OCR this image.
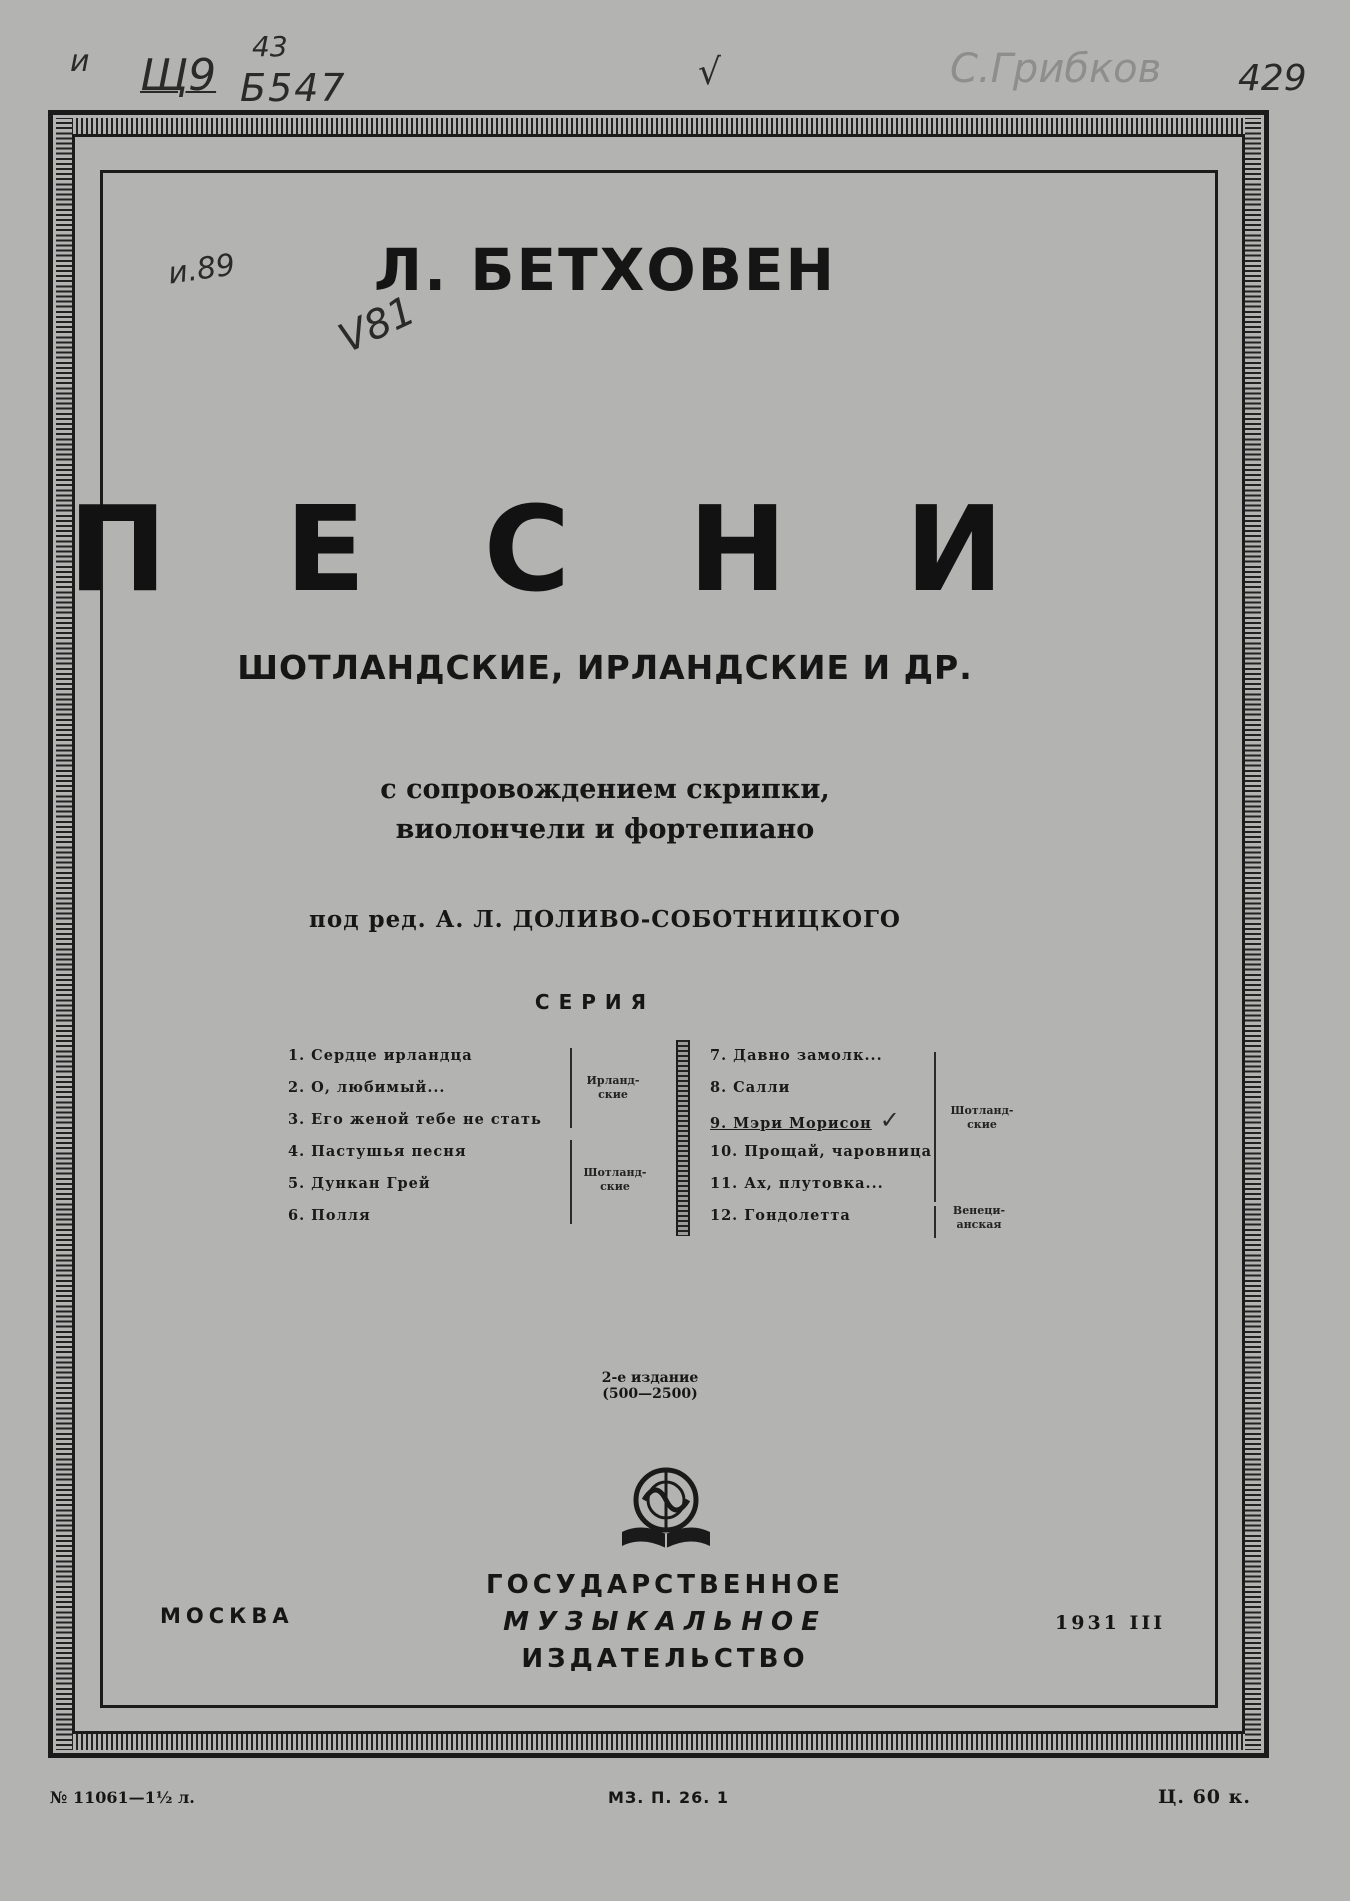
и Щ9
43
Б547	√	С.Грибков 429
и.89
V81
Л. БЕТХОВЕН
ПЕСНИ
ШОТЛАНДСКИЕ, ИРЛАНДСКИЕ И ДР.
с сопровождением скрипки,
виолончели и фортепиано
под ред. А. Л. ДОЛИВО-СОБОТНИЦКОГО
СЕРИЯ
1. Сердце ирландца
2. О, любимый...
3. Его женой тебе не стать
4. Пастушья песня
5. Дункан Грей
6. Полля
Ирланд-
ские
Шотланд-
ские
7. Давно замолк...
8. Салли
9. Мэри Морисон ✓
10. Прощай, чаровница
11. Ах, плутовка...
12. Гондолетта
Шотланд-
ские
Венеци-
анская
2-е издание
(500—2500)
ГОСУДАРСТВЕННОЕ
МУЗЫКАЛЬНОЕ
ИЗДАТЕЛЬСТВО
МОСКВА	1931 III
№ 11061—1½ л.	МЗ. П. 26. 1	Ц. 60 к.
